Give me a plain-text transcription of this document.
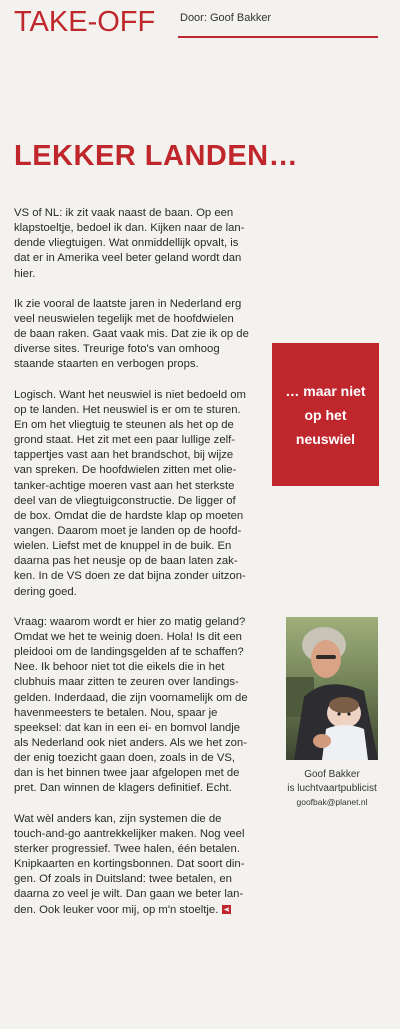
TAKE-OFF Door: Goof Bakker
LEKKER LANDEN…

VS of NL: ik zit vaak naast de baan. Op een
klapstoeltje, bedoel ik dan. Kijken naar de lan-
dende vliegtuigen. Wat onmiddellijk opvalt, is
dat er in Amerika veel beter geland wordt dan
hier.

Ik zie vooral de laatste jaren in Nederland erg
veel neuswielen tegelijk met de hoofdwielen
de baan raken. Gaat vaak mis. Dat zie ik op de
diverse sites. Treurige foto's van omhoog
staande staarten en verbogen props.

Logisch. Want het neuswiel is niet bedoeld om
op te landen. Het neuswiel is er om te sturen.
En om het vliegtuig te steunen als het op de
grond staat. Het zit met een paar lullige zelf-
tappertjes vast aan het brandschot, bij wijze
van spreken. De hoofdwielen zitten met olie-
tanker-achtige moeren vast aan het sterkste
deel van de vliegtuigconstructie. De ligger of
de box. Omdat die de hardste klap op moeten
vangen. Daarom moet je landen op de hoofd-
wielen. Liefst met de knuppel in de buik. En
daarna pas het neusje op de baan laten zak-
ken. In de VS doen ze dat bijna zonder uitzon-
dering goed.

Vraag: waarom wordt er hier zo matig geland?
Omdat we het te weinig doen. Hola! Is dit een
pleidooi om de landingsgelden af te schaffen?
Nee. Ik behoor niet tot die eikels die in het
clubhuis maar zitten te zeuren over landings-
gelden. Inderdaad, die zijn voornamelijk om de
havenmeesters te betalen. Nou, spaar je
speeksel: dat kan in een ei- en bomvol landje
als Nederland ook niet anders. Als we het zon-
der enig toezicht gaan doen, zoals in de VS,
dan is het binnen twee jaar afgelopen met de
pret. Dan winnen de klagers definitief. Echt.

Wat wèl anders kan, zijn systemen die de
touch-and-go aantrekkelijker maken. Nog veel
sterker progressief. Twee halen, één betalen.
Knipkaarten en kortingsbonnen. Dat soort din-
gen. Of zoals in Duitsland: twee betalen, en
daarna zo veel je wilt. Dan gaan we beter lan-
den. Ook leuker voor mij, op m'n stoeltje.

… maar niet
op het
neuswiel
Goof Bakker
is luchtvaartpublicist
goofbak@planet.nl
